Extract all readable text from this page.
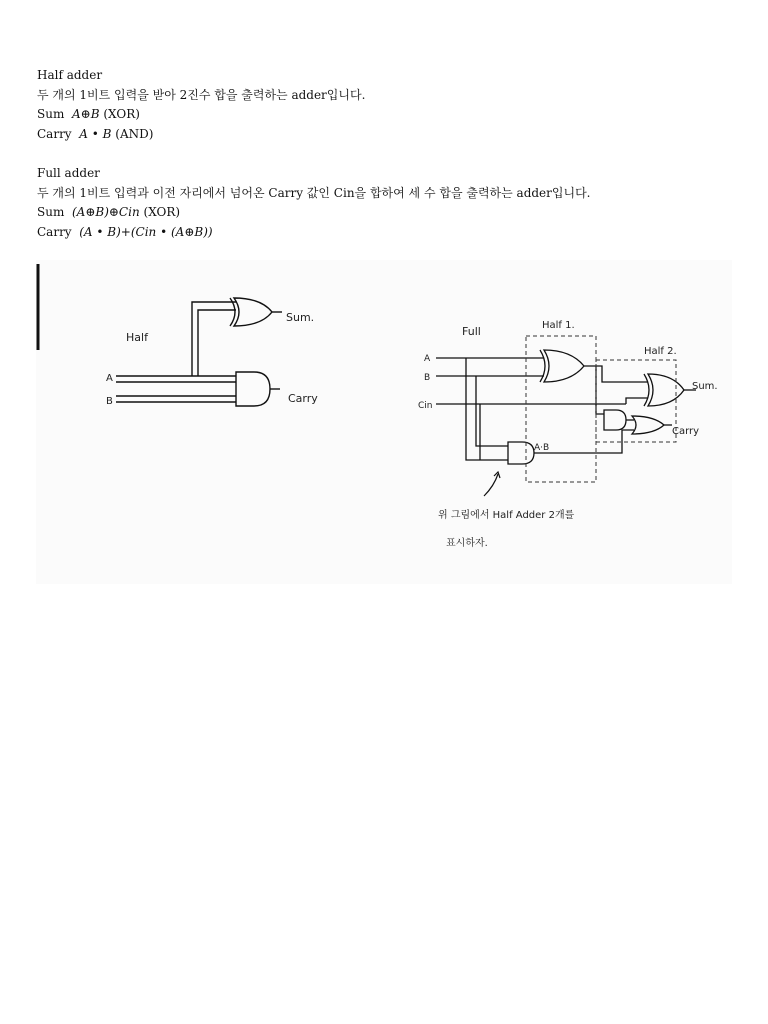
Half adder
두 개의 1비트 입력을 받아 2진수 합을 출력하는 adder입니다.
Sum A⊕B (XOR)
Carry A • B (AND)
Full adder
두 개의 1비트 입력과 이전 자리에서 넘어온 Carry 값인 Cin을 합하여 세 수 합을 출력하는 adder입니다.
Sum (A⊕B)⊕Cin (XOR)
Carry (A • B)+(Cin • (A⊕B))
Half
A
B
Sum.
Carry
Full
A
B
Cin
Half 1.
Half 2.
A·B
Sum.
Carry
위 그림에서 Half Adder 2개를
표시하자.
